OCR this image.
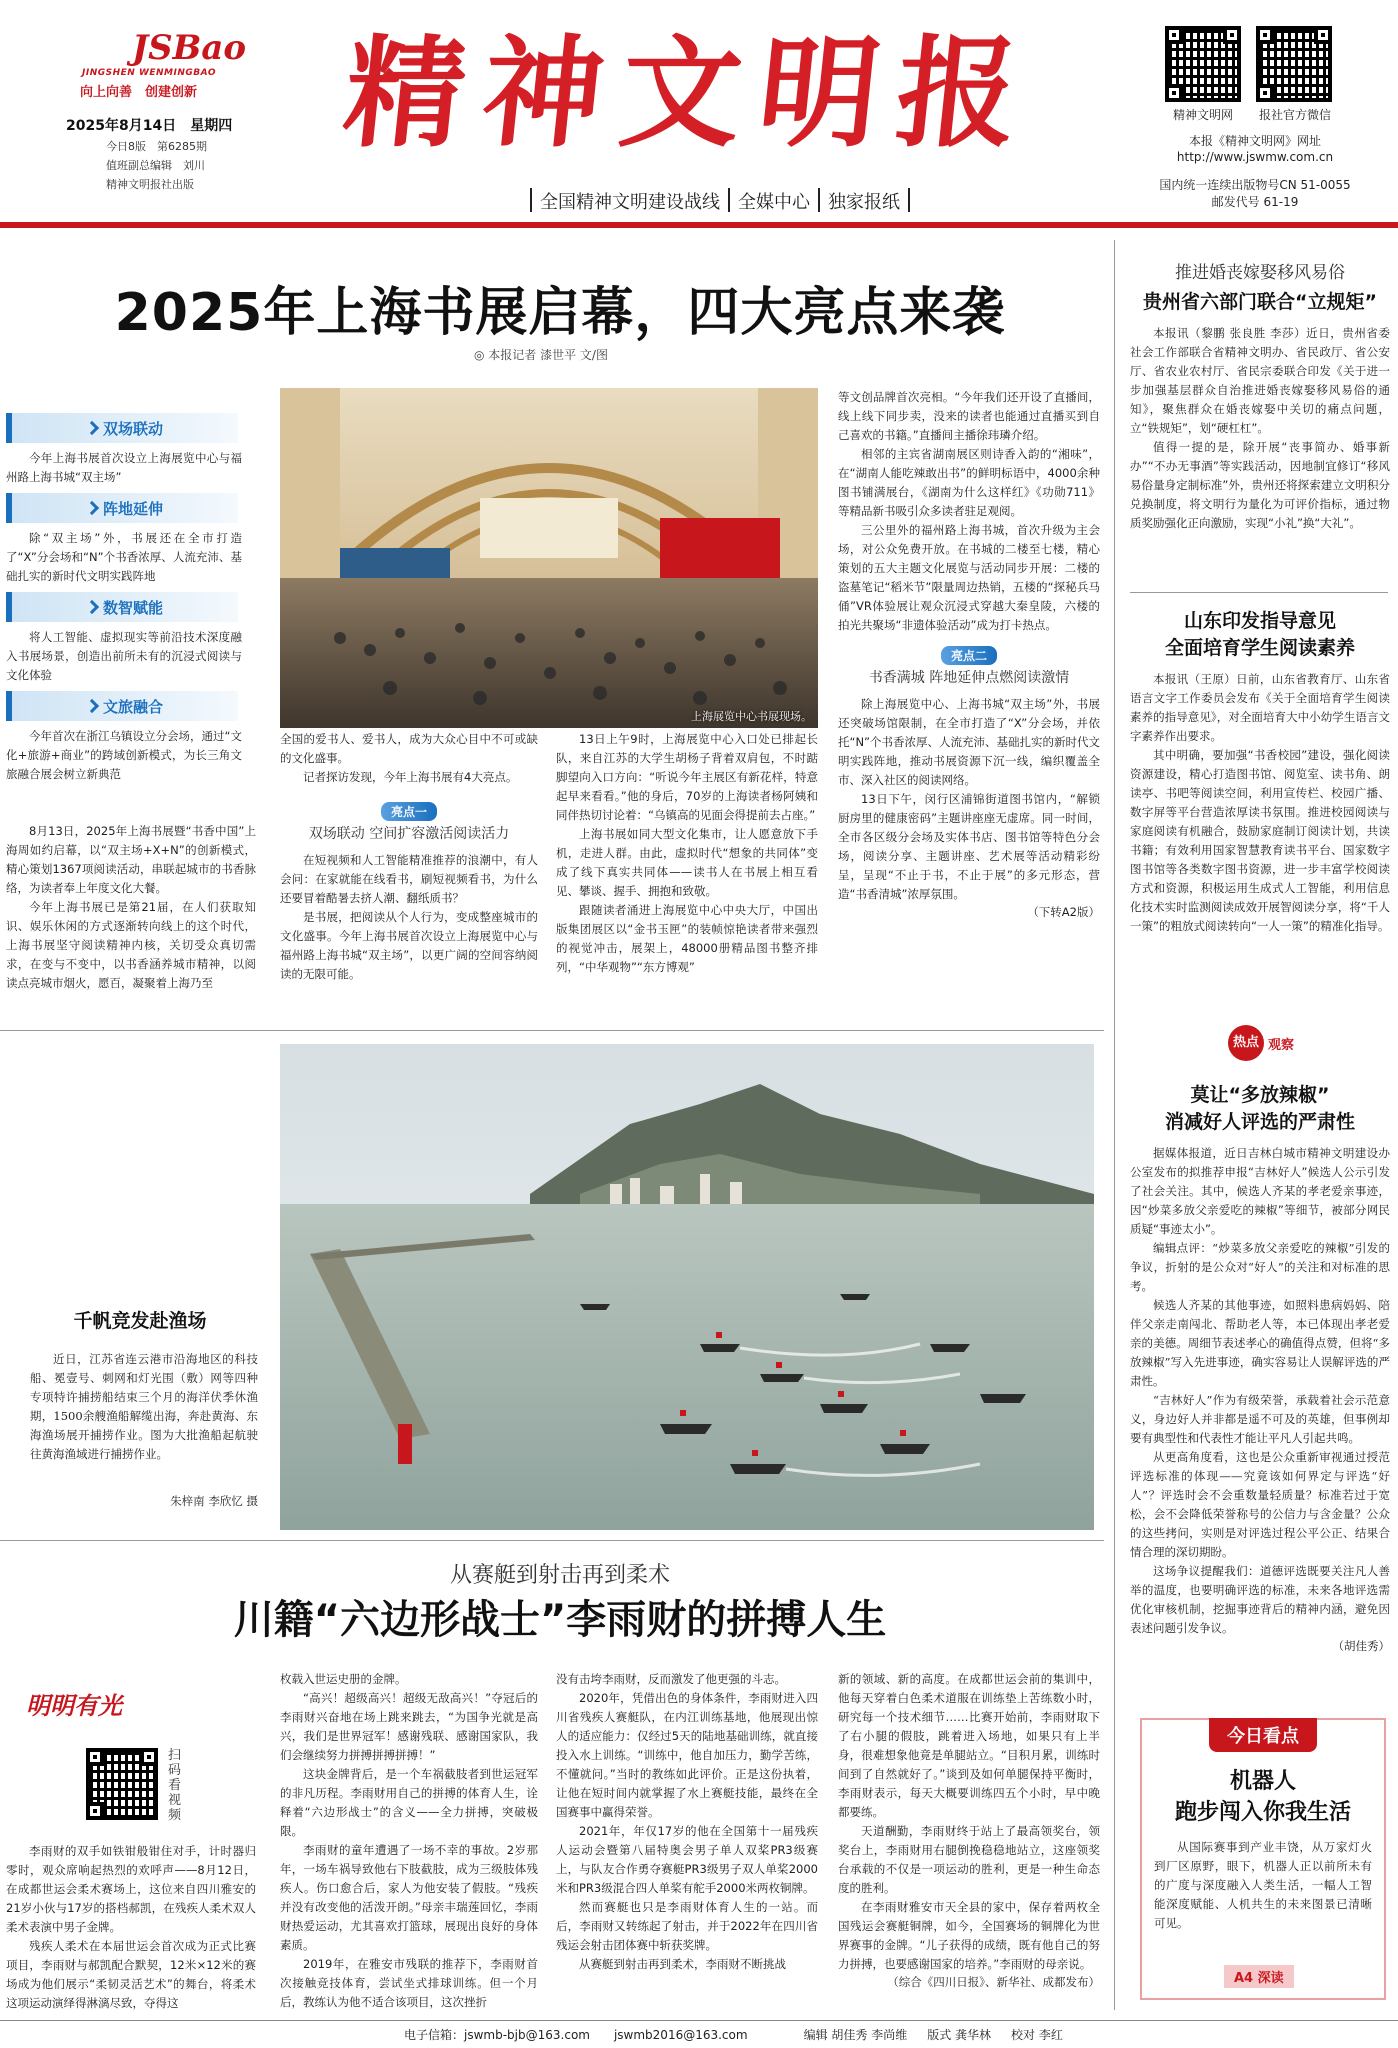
JSBao
JINGSHEN WENMINGBAO
向上向善　创建创新
2025年8月14日　星期四
今日8版　第6285期
值班副总编辑　刘川
精神文明报社出版
精神文明报
全国精神文明建设战线	全媒中心	独家报纸
精神文明网	报社官方微信
本报《精神文明网》网址
http://www.jswmw.com.cn
国内统一连续出版物号CN 51-0055
邮发代号 61-19
2025年上海书展启幕，四大亮点来袭
◎ 本报记者 漆世平 文/图
双场联动

今年上海书展首次设立上海展览中心与福州路上海书城“双主场”

阵地延伸

除“双主场”外，书展还在全市打造了“X”分会场和“N”个书香浓厚、人流充沛、基础扎实的新时代文明实践阵地

数智赋能

将人工智能、虚拟现实等前沿技术深度融入书展场景，创造出前所未有的沉浸式阅读与文化体验

文旅融合

今年首次在浙江乌镇设立分会场，通过“文化+旅游+商业”的跨域创新模式，为长三角文旅融合展会树立新典范

上海展览中心书展现场。

8月13日，2025年上海书展暨“书香中国”上海周如约启幕，以“双主场+X+N”的创新模式，精心策划1367项阅读活动，串联起城市的书香脉络，为读者奉上年度文化大餐。

今年上海书展已是第21届，在人们获取知识、娱乐休闲的方式逐渐转向线上的这个时代，上海书展坚守阅读精神内核，关切受众真切需求，在变与不变中，以书香涵养城市精神，以阅读点亮城市烟火，愿百，凝聚着上海乃至

全国的爱书人、爱书人，成为大众心目中不可或缺的文化盛事。

记者探访发现，今年上海书展有4大亮点。

亮点一
双场联动 空间扩容激活阅读活力

在短视频和人工智能精准推荐的浪潮中，有人会问：在家就能在线看书，刷短视频看书，为什么还要冒着酷暑去挤人潮、翻纸质书？

是书展，把阅读从个人行为，变成整座城市的文化盛事。今年上海书展首次设立上海展览中心与福州路上海书城“双主场”，以更广阔的空间容纳阅读的无限可能。

13日上午9时，上海展览中心入口处已排起长队，来自江苏的大学生胡杨子背着双肩包，不时踮脚望向入口方向：“听说今年主展区有新花样，特意起早来看看。”他的身后，70岁的上海读者杨阿姨和同伴热切讨论着：“乌镇高的见面会得提前去占座。”

上海书展如同大型文化集市，让人愿意放下手机，走进人群。由此，虚拟时代“想象的共同体”变成了线下真实共同体——读书人在书展上相互看见、攀谈、握手、拥抱和致敬。

跟随读者涌进上海展览中心中央大厅，中国出版集团展区以“金书玉匣”的装帧惊艳读者带来强烈的视觉冲击，展架上，48000册精品图书整齐排列，“中华观物”“东方博观”

等文创品牌首次亮相。“今年我们还开设了直播间，线上线下同步卖，没来的读者也能通过直播买到自己喜欢的书籍。”直播间主播徐玮璘介绍。

相邻的主宾省湖南展区则诗香入韵的“湘味”，在“湖南人能吃辣敢出书”的鲜明标语中，4000余种图书铺满展台，《湖南为什么这样红》《功勋711》等精品新书吸引众多读者驻足观阅。

三公里外的福州路上海书城，首次升级为主会场，对公众免费开放。在书城的二楼至七楼，精心策划的五大主题文化展览与活动同步开展：二楼的盗墓笔记“稻米节”限量周边热销，五楼的“探秘兵马俑”VR体验展让观众沉浸式穿越大秦皇陵，六楼的拍光共聚场“非遗体验活动”成为打卡热点。

亮点二
书香满城 阵地延伸点燃阅读激情

除上海展览中心、上海书城“双主场”外，书展还突破场馆限制，在全市打造了“X”分会场，并依托“N”个书香浓厚、人流充沛、基础扎实的新时代文明实践阵地，推动书展资源下沉一线，编织覆盖全市、深入社区的阅读网络。

13日下午，闵行区浦锦街道图书馆内，“解锁厨房里的健康密码”主题讲座座无虚席。同一时间，全市各区级分会场及实体书店、图书馆等特色分会场，阅读分享、主题讲座、艺术展等活动精彩纷呈，呈现“不止于书，不止于展”的多元形态，营造“书香清城”浓厚氛围。

（下转A2版）
推进婚丧嫁娶移风易俗
贵州省六部门联合“立规矩”

本报讯（黎鹏 张良胜 李莎）近日，贵州省委社会工作部联合省精神文明办、省民政厅、省公安厅、省农业农村厅、省民宗委联合印发《关于进一步加强基层群众自治推进婚丧嫁娶移风易俗的通知》，聚焦群众在婚丧嫁娶中关切的痛点问题，立“铁规矩”，划“硬杠杠”。

值得一提的是，除开展“丧事简办、婚事新办”“不办无事酒”等实践活动，因地制宜修订“移风易俗量身定制标准”外，贵州还将探索建立文明积分兑换制度，将文明行为量化为可评价指标，通过物质奖励强化正向激励，实现“小礼”换“大礼”。

山东印发指导意见
全面培育学生阅读素养

本报讯（王原）日前，山东省教育厅、山东省语言文字工作委员会发布《关于全面培育学生阅读素养的指导意见》，对全面培育大中小幼学生语言文字素养作出要求。

其中明确，要加强“书香校园”建设，强化阅读资源建设，精心打造图书馆、阅览室、读书角、朗读亭、书吧等阅读空间，利用宣传栏、校园广播、数字屏等平台营造浓厚读书氛围。推进校园阅读与家庭阅读有机融合，鼓励家庭制订阅读计划，共读书籍；有效利用国家智慧教育读书平台、国家数字图书馆等各类数字图书资源，进一步丰富学校阅读方式和资源，积极运用生成式人工智能，利用信息化技术实时监测阅读成效开展智阅读分享，将“千人一策”的粗放式阅读转向“一人一策”的精准化指导。

热点 观察
莫让“多放辣椒”
消减好人评选的严肃性

据媒体报道，近日吉林白城市精神文明建设办公室发布的拟推荐申报“吉林好人”候选人公示引发了社会关注。其中，候选人齐某的孝老爱亲事迹，因“炒菜多放父亲爱吃的辣椒”等细节，被部分网民质疑“事迹太小”。

编辑点评：“炒菜多放父亲爱吃的辣椒”引发的争议，折射的是公众对“好人”的关注和对标准的思考。

候选人齐某的其他事迹，如照料患病妈妈、陪伴父亲走南闯北、帮助老人等，本已体现出孝老爱亲的美德。周细节表述孝心的确值得点赞，但将“多放辣椒”写入先进事迹，确实容易让人误解评选的严肃性。

“吉林好人”作为有级荣誉，承载着社会示范意义，身边好人并非都是遥不可及的英雄，但事例却要有典型性和代表性才能让平凡人引起共鸣。

从更高角度看，这也是公众重新审视通过授范评选标准的体现——究竟该如何界定与评选“好人”？评选时会不会重数量轻质量？标准若过于宽松，会不会降低荣誉称号的公信力与含金量？公众的这些拷问，实则是对评选过程公平公正、结果合情合理的深切期盼。

这场争议提醒我们：道德评选既要关注凡人善举的温度，也要明确评选的标准，未来各地评选需优化审核机制，挖掘事迹背后的精神内涵，避免因表述问题引发争议。

（胡佳秀）
今日看点
机器人
跑步闯入你我生活

从国际赛事到产业丰饶，从万家灯火到厂区原野，眼下，机器人正以前所未有的广度与深度融入人类生活，一幅人工智能深度赋能、人机共生的未来图景已清晰可见。

A4 深读
千帆竞发赴渔场

近日，江苏省连云港市沿海地区的科技船、冕壹号、刺网和灯光围（敷）网等四种专项特许捕捞船结束三个月的海洋伏季休渔期，1500余艘渔船解缆出海，奔赴黄海、东海渔场展开捕捞作业。图为大批渔船起航驶往黄海渔域进行捕捞作业。

朱梓南 李欣忆 摄
从赛艇到射击再到柔术
川籍“六边形战士”李雨财的拼搏人生
明明有光
扫码看视频

李雨财的双手如铁钳般钳住对手，计时器归零时，观众席响起热烈的欢呼声——8月12日，在成都世运会柔术赛场上，这位来自四川雅安的21岁小伙与17岁的搭档郝凯，在残疾人柔术双人柔术表演中男子金牌。

残疾人柔术在本届世运会首次成为正式比赛项目，李雨财与郝凯配合默契，12米×12米的赛场成为他们展示“柔韧灵活艺术”的舞台，将柔术这项运动演绎得淋漓尽致，夺得这

枚载入世运史册的金牌。

“高兴！超级高兴！超级无敌高兴！”夺冠后的李雨财兴奋地在场上跳来跳去，“为国争光就是高兴，我们是世界冠军！感谢残联、感谢国家队，我们会继续努力拼搏拼搏拼搏！”

这块金牌背后，是一个车祸截肢者到世运冠军的非凡历程。李雨财用自己的拼搏的体育人生，诠释着“六边形战士”的含义——全力拼搏，突破极限。

李雨财的童年遭遇了一场不幸的事故。2岁那年，一场车祸导致他右下肢截肢，成为三级肢体残疾人。伤口愈合后，家人为他安装了假肢。“残疾并没有改变他的活泼开朗。”母亲丰瑞莲回忆，李雨财热爱运动，尤其喜欢打篮球，展现出良好的身体素质。

2019年，在雅安市残联的推荐下，李雨财首次接触竞技体育，尝试坐式排球训练。但一个月后，教练认为他不适合该项目，这次挫折

没有击垮李雨财，反而激发了他更强的斗志。

2020年，凭借出色的身体条件，李雨财进入四川省残疾人赛艇队，在内江训练基地，他展现出惊人的适应能力：仅经过5天的陆地基础训练，就直接投入水上训练。“训练中，他自加压力，勤学苦练，不懂就问。”当时的教练如此评价。正是这份执着，让他在短时间内就掌握了水上赛艇技能，最终在全国赛事中赢得荣誉。

2021年，年仅17岁的他在全国第十一届残疾人运动会暨第八届特奥会男子单人双桨PR3级赛上，与队友合作勇夺赛艇PR3级男子双人单桨2000米和PR3级混合四人单桨有舵手2000米两枚铜牌。

然而赛艇也只是李雨财体育人生的一站。而后，李雨财又转练起了射击，并于2022年在四川省残运会射击团体赛中斩获奖牌。

从赛艇到射击再到柔术，李雨财不断挑战

新的领域、新的高度。在成都世运会前的集训中，他每天穿着白色柔术道服在训练垫上苦练数小时，研究每一个技术细节……比赛开始前，李雨财取下了右小腿的假肢，跳着进入场地，如果只有上半身，很难想象他竟是单腿站立。“目积月累，训练时间到了自然就好了。”谈到及如何单腿保持平衡时，李雨财表示，每天大概要训练四五个小时，早中晚都要练。

天道酬勤，李雨财终于站上了最高领奖台，领奖台上，李雨财用右腿倒挽稳稳地站立，这座领奖台承载的不仅是一项运动的胜利，更是一种生命态度的胜利。

在李雨财雅安市天全县的家中，保存着两枚全国残运会赛艇铜牌，如今，全国赛场的铜牌化为世界赛事的金牌。“儿子获得的成绩，既有他自己的努力拼搏，也要感谢国家的培养。”李雨财的母亲说。

（综合《四川日报》、新华社、成都发布）
电子信箱： jswmb-bjb@163.com jswmb2016@163.com	编辑 胡佳秀 李尚维 版式 龚华林 校对 李红
